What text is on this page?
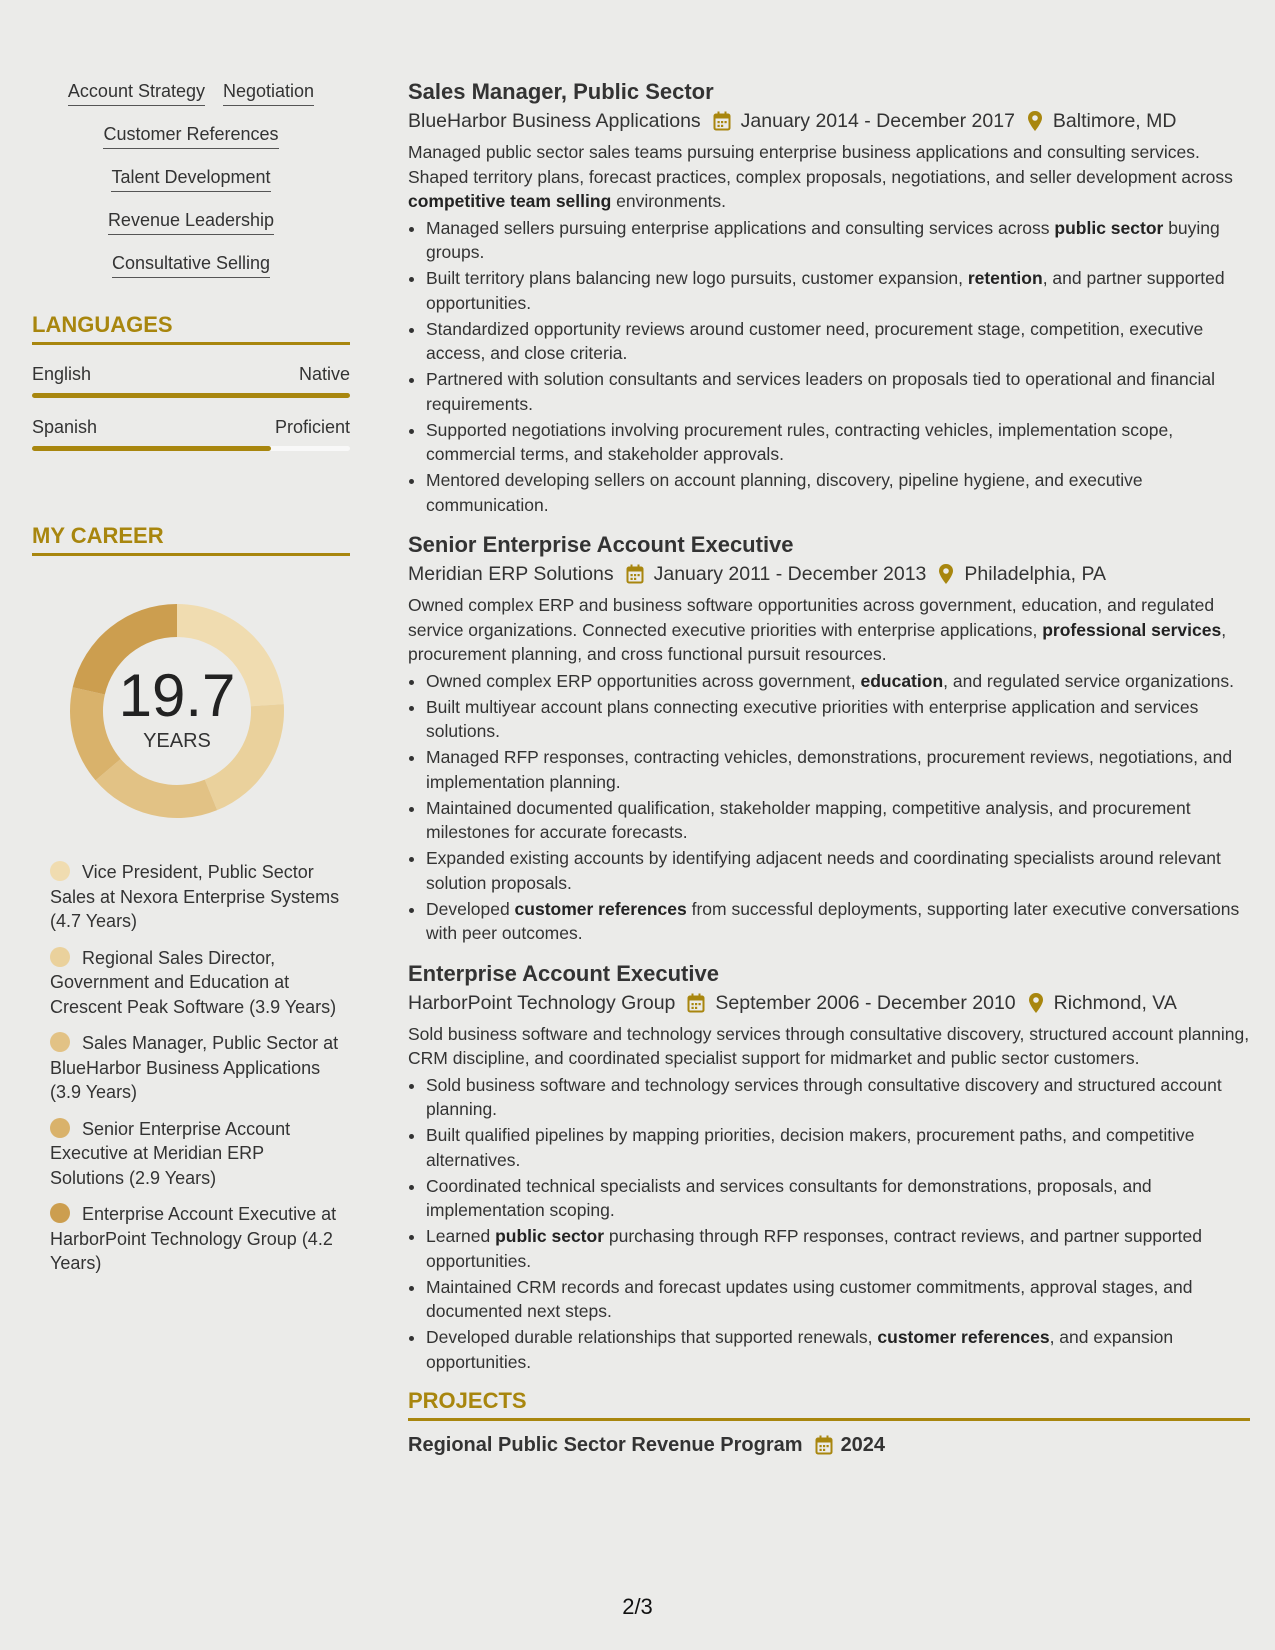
Account Strategy Negotiation
Customer References
Talent Development
Revenue Leadership
Consultative Selling
LANGUAGES
English	Native
Spanish	Proficient
MY CAREER
19.7
YEARS
Vice President, Public Sector Sales at Nexora Enterprise Systems (4.7 Years)
Regional Sales Director, Government and Education at Crescent Peak Software (3.9 Years)
Sales Manager, Public Sector at BlueHarbor Business Applications (3.9 Years)
Senior Enterprise Account Executive at Meridian ERP Solutions (2.9 Years)
Enterprise Account Executive at HarborPoint Technology Group (4.2 Years)
Sales Manager, Public Sector
BlueHarbor Business Applications January 2014 - December 2017 Baltimore, MD
Managed public sector sales teams pursuing enterprise business applications and consulting services. Shaped territory plans, forecast practices, complex proposals, negotiations, and seller development across competitive team selling environments.
• Managed sellers pursuing enterprise applications and consulting services across public sector buying groups.
• Built territory plans balancing new logo pursuits, customer expansion, retention, and partner supported opportunities.
• Standardized opportunity reviews around customer need, procurement stage, competition, executive access, and close criteria.
• Partnered with solution consultants and services leaders on proposals tied to operational and financial requirements.
• Supported negotiations involving procurement rules, contracting vehicles, implementation scope, commercial terms, and stakeholder approvals.
• Mentored developing sellers on account planning, discovery, pipeline hygiene, and executive communication.
Senior Enterprise Account Executive
Meridian ERP Solutions January 2011 - December 2013 Philadelphia, PA
Owned complex ERP and business software opportunities across government, education, and regulated service organizations. Connected executive priorities with enterprise applications, professional services, procurement planning, and cross functional pursuit resources.
• Owned complex ERP opportunities across government, education, and regulated service organizations.
• Built multiyear account plans connecting executive priorities with enterprise application and services solutions.
• Managed RFP responses, contracting vehicles, demonstrations, procurement reviews, negotiations, and implementation planning.
• Maintained documented qualification, stakeholder mapping, competitive analysis, and procurement milestones for accurate forecasts.
• Expanded existing accounts by identifying adjacent needs and coordinating specialists around relevant solution proposals.
• Developed customer references from successful deployments, supporting later executive conversations with peer outcomes.
Enterprise Account Executive
HarborPoint Technology Group September 2006 - December 2010 Richmond, VA
Sold business software and technology services through consultative discovery, structured account planning, CRM discipline, and coordinated specialist support for midmarket and public sector customers.
• Sold business software and technology services through consultative discovery and structured account planning.
• Built qualified pipelines by mapping priorities, decision makers, procurement paths, and competitive alternatives.
• Coordinated technical specialists and services consultants for demonstrations, proposals, and implementation scoping.
• Learned public sector purchasing through RFP responses, contract reviews, and partner supported opportunities.
• Maintained CRM records and forecast updates using customer commitments, approval stages, and documented next steps.
• Developed durable relationships that supported renewals, customer references, and expansion opportunities.
PROJECTS
Regional Public Sector Revenue Program 2024
2/3
